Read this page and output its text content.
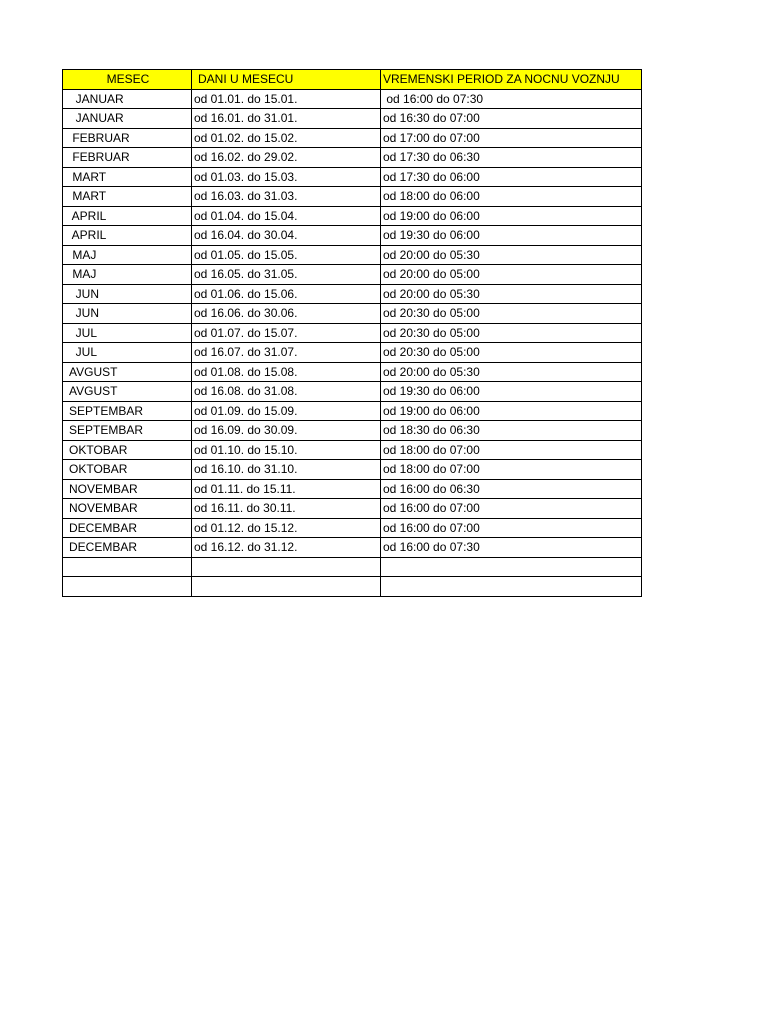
MESEC	DANI U MESECU	VREMENSKI PERIOD ZA NOCNU VOZNJU
JANUAR	od 01.01. do 15.01.	od 16:00 do 07:30
JANUAR	od 16.01. do 31.01.	od 16:30 do 07:00
FEBRUAR	od 01.02. do 15.02.	od 17:00 do 07:00
FEBRUAR	od 16.02. do 29.02.	od 17:30 do 06:30
MART	od 01.03. do 15.03.	od 17:30 do 06:00
MART	od 16.03. do 31.03.	od 18:00 do 06:00
APRIL	od 01.04. do 15.04.	od 19:00 do 06:00
APRIL	od 16.04. do 30.04.	od 19:30 do 06:00
MAJ	od 01.05. do 15.05.	od 20:00 do 05:30
MAJ	od 16.05. do 31.05.	od 20:00 do 05:00
JUN	od 01.06. do 15.06.	od 20:00 do 05:30
JUN	od 16.06. do 30.06.	od 20:30 do 05:00
JUL	od 01.07. do 15.07.	od 20:30 do 05:00
JUL	od 16.07. do 31.07.	od 20:30 do 05:00
AVGUST	od 01.08. do 15.08.	od 20:00 do 05:30
AVGUST	od 16.08. do 31.08.	od 19:30 do 06:00
SEPTEMBAR	od 01.09. do 15.09.	od 19:00 do 06:00
SEPTEMBAR	od 16.09. do 30.09.	od 18:30 do 06:30
OKTOBAR	od 01.10. do 15.10.	od 18:00 do 07:00
OKTOBAR	od 16.10. do 31.10.	od 18:00 do 07:00
NOVEMBAR	od 01.11. do 15.11.	od 16:00 do 06:30
NOVEMBAR	od 16.11. do 30.11.	od 16:00 do 07:00
DECEMBAR	od 01.12. do 15.12.	od 16:00 do 07:00
DECEMBAR	od 16.12. do 31.12.	od 16:00 do 07:30
